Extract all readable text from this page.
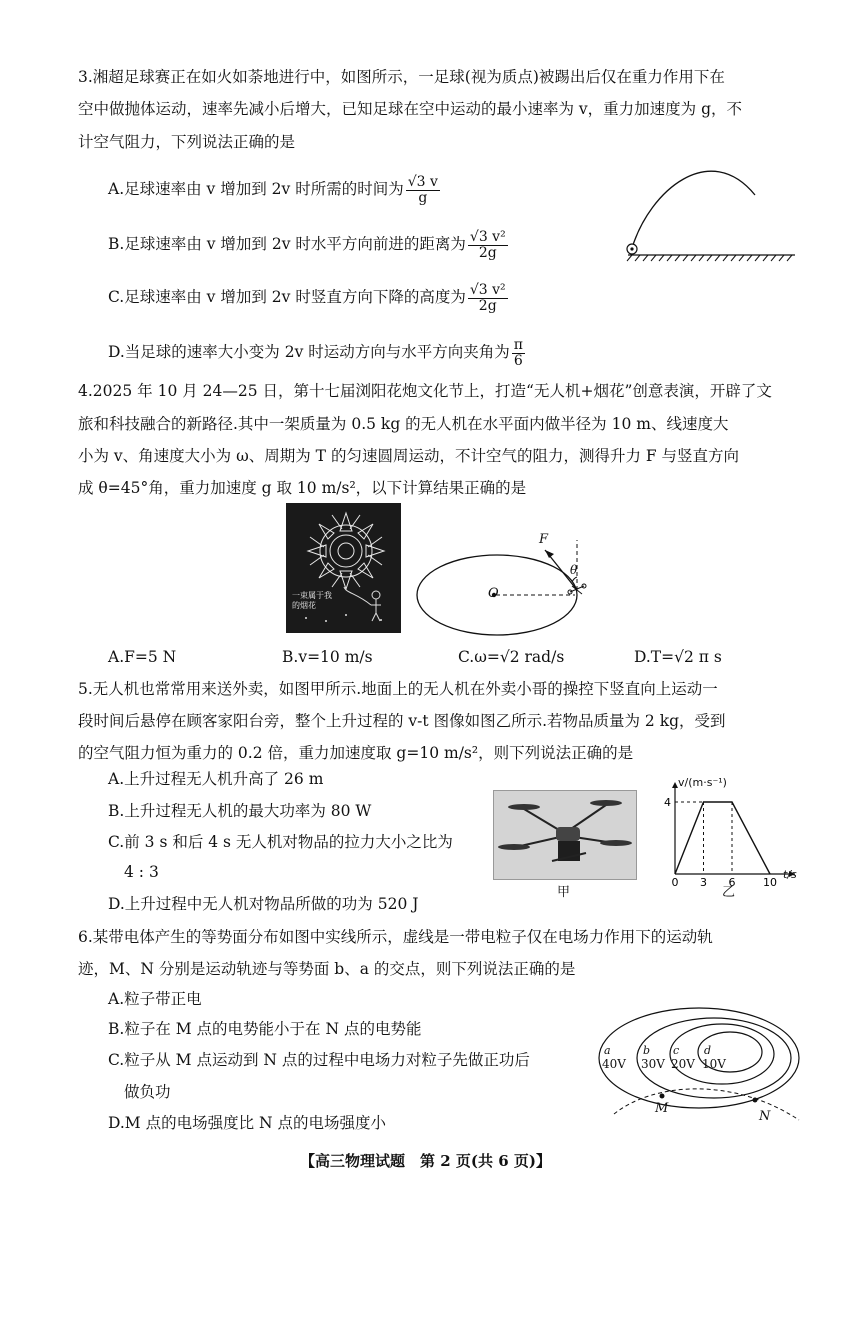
3.湘超足球赛正在如火如荼地进行中，如图所示，一足球(视为质点)被踢出后仅在重力作用下在
空中做抛体运动，速率先减小后增大，已知足球在空中运动的最小速率为 v，重力加速度为 g，不
计空气阻力，下列说法正确的是
A.足球速率由 v 增加到 2v 时所需的时间为 $\frac{√3 v}{g}$
B.足球速率由 v 增加到 2v 时水平方向前进的距离为 $\frac{\text{√3 v²}}{2g}$
C.足球速率由 v 增加到 2v 时竖直方向下降的高度为 $\frac{\text{√3 v²}}{2g}$
D.当足球的速率大小变为 2v 时运动方向与水平方向夹角为 $\frac{\pi}{6}$
4.2025 年 10 月 24—25 日，第十七届浏阳花炮文化节上，打造“无人机+烟花”创意表演，开辟了文
旅和科技融合的新路径.其中一架质量为 0.5 kg 的无人机在水平面内做半径为 10 m、线速度大
小为 v、角速度大小为 ω、周期为 T 的匀速圆周运动，不计空气的阻力，测得升力 F 与竖直方向
成 θ=45°角，重力加速度 g 取 10 m/s²，以下计算结果正确的是
一束属于我的烟花
F
O
θ
A.F=5 N	B.v=10 m/s	C.ω=√2 rad/s	D.T=√2 π s
5.无人机也常常用来送外卖，如图甲所示.地面上的无人机在外卖小哥的操控下竖直向上运动一
段时间后悬停在顾客家阳台旁，整个上升过程的 v-t 图像如图乙所示.若物品质量为 2 kg，受到
的空气阻力恒为重力的 0.2 倍，重力加速度取 g=10 m/s²，则下列说法正确的是
A.上升过程无人机升高了 26 m
B.上升过程无人机的最大功率为 80 W
C.前 3 s 和后 4 s 无人机对物品的拉力大小之比为
4 : 3
D.上升过程中无人机对物品所做的功为 520 J
甲
0 3 6	10
4
v/(m·s⁻¹)
t/s
乙
6.某带电体产生的等势面分布如图中实线所示，虚线是一带电粒子仅在电场力作用下的运动轨
迹，M、N 分别是运动轨迹与等势面 b、a 的交点，则下列说法正确的是
A.粒子带正电
B.粒子在 M 点的电势能小于在 N 点的电势能
C.粒子从 M 点运动到 N 点的过程中电场力对粒子先做正功后
做负功
D.M 点的电场强度比 N 点的电场强度小
a
40V
b
30V
c
20V
d
10V
M
N
【高三物理试题　第 2 页(共 6 页)】
